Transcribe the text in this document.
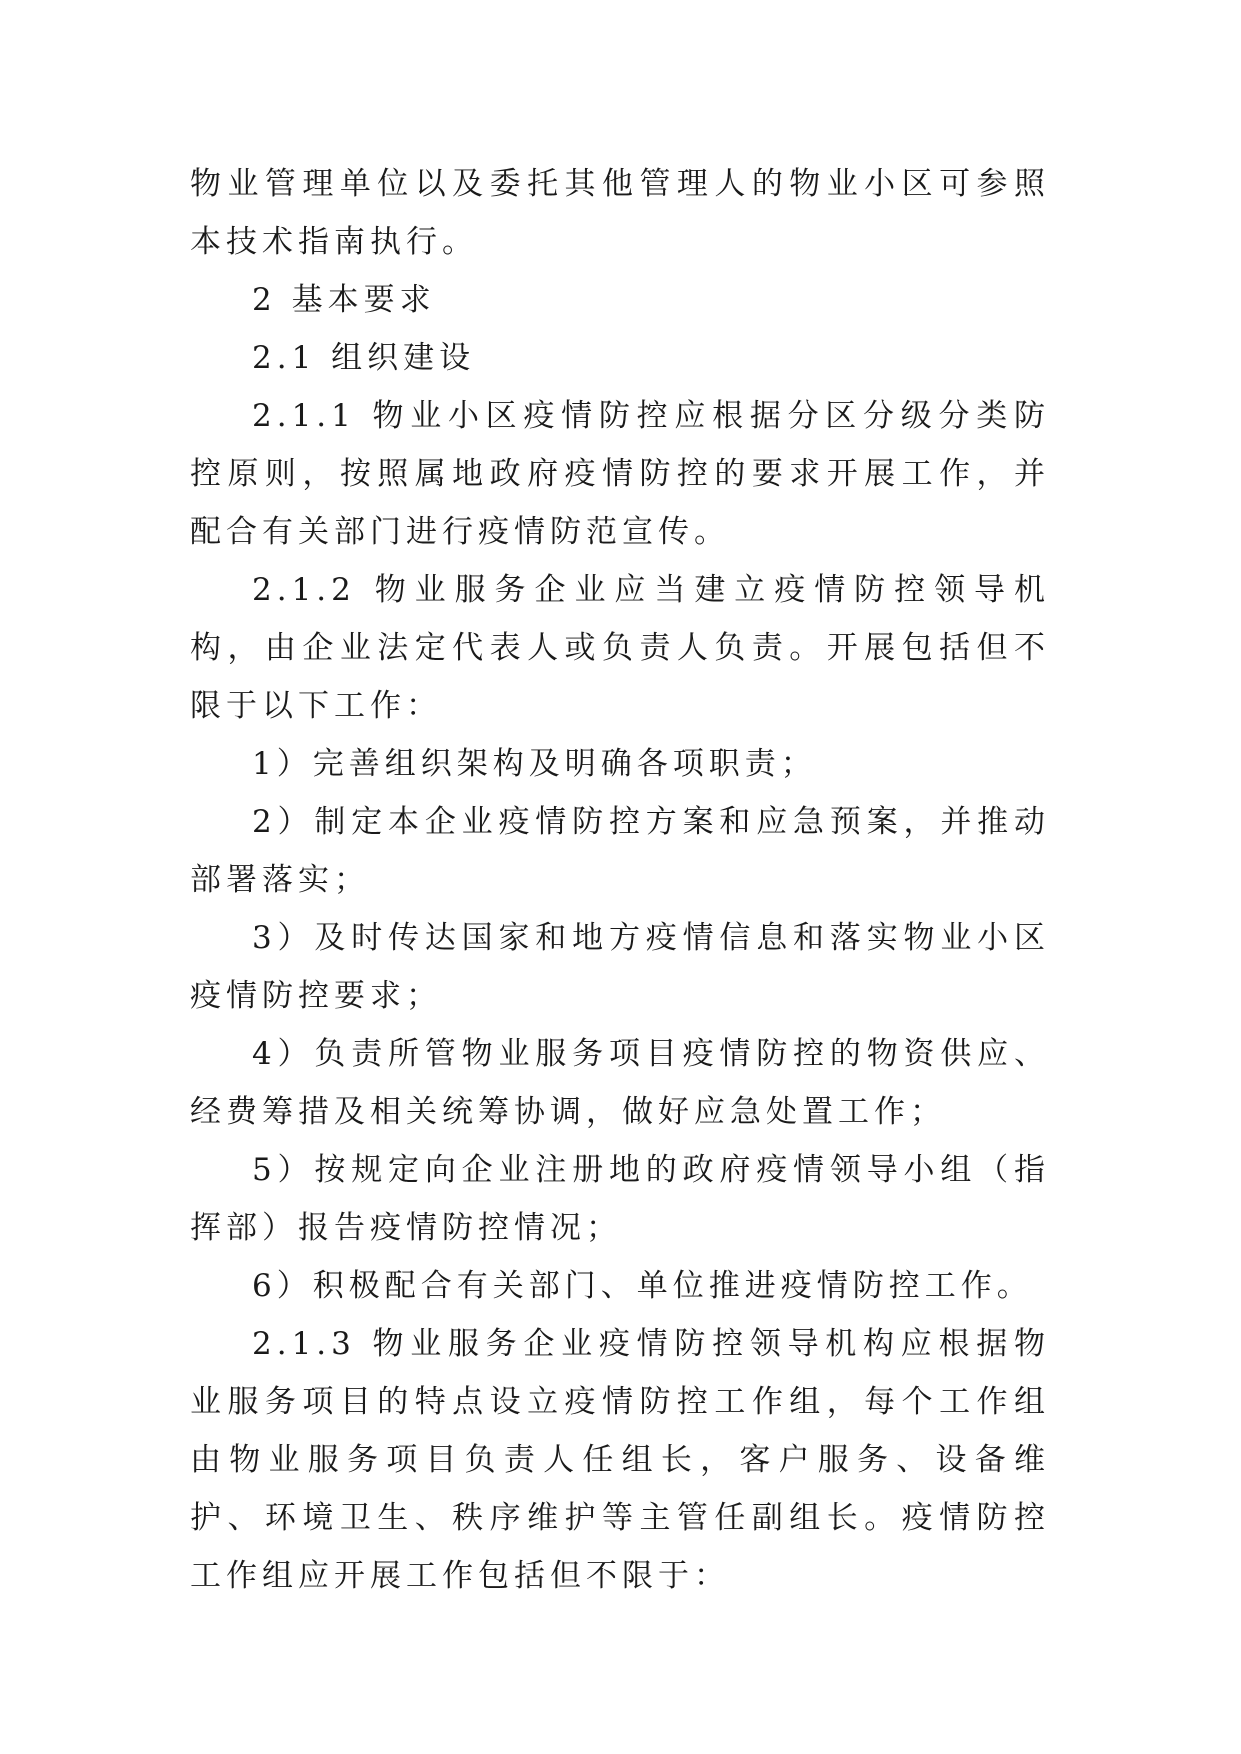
物业管理单位以及委托其他管理人的物业小区可参照本技术指南执行。

2 基本要求

2.1 组织建设

2.1.1 物业小区疫情防控应根据分区分级分类防控原则，按照属地政府疫情防控的要求开展工作，并配合有关部门进行疫情防范宣传。

2.1.2 物业服务企业应当建立疫情防控领导机构，由企业法定代表人或负责人负责。开展包括但不限于以下工作：

1）完善组织架构及明确各项职责；

2）制定本企业疫情防控方案和应急预案，并推动部署落实；

3）及时传达国家和地方疫情信息和落实物业小区疫情防控要求；

4）负责所管物业服务项目疫情防控的物资供应、经费筹措及相关统筹协调，做好应急处置工作；

5）按规定向企业注册地的政府疫情领导小组（指挥部）报告疫情防控情况；

6）积极配合有关部门、单位推进疫情防控工作。

2.1.3 物业服务企业疫情防控领导机构应根据物业服务项目的特点设立疫情防控工作组，每个工作组由物业服务项目负责人任组长，客户服务、设备维护、环境卫生、秩序维护等主管任副组长。疫情防控工作组应开展工作包括但不限于：
